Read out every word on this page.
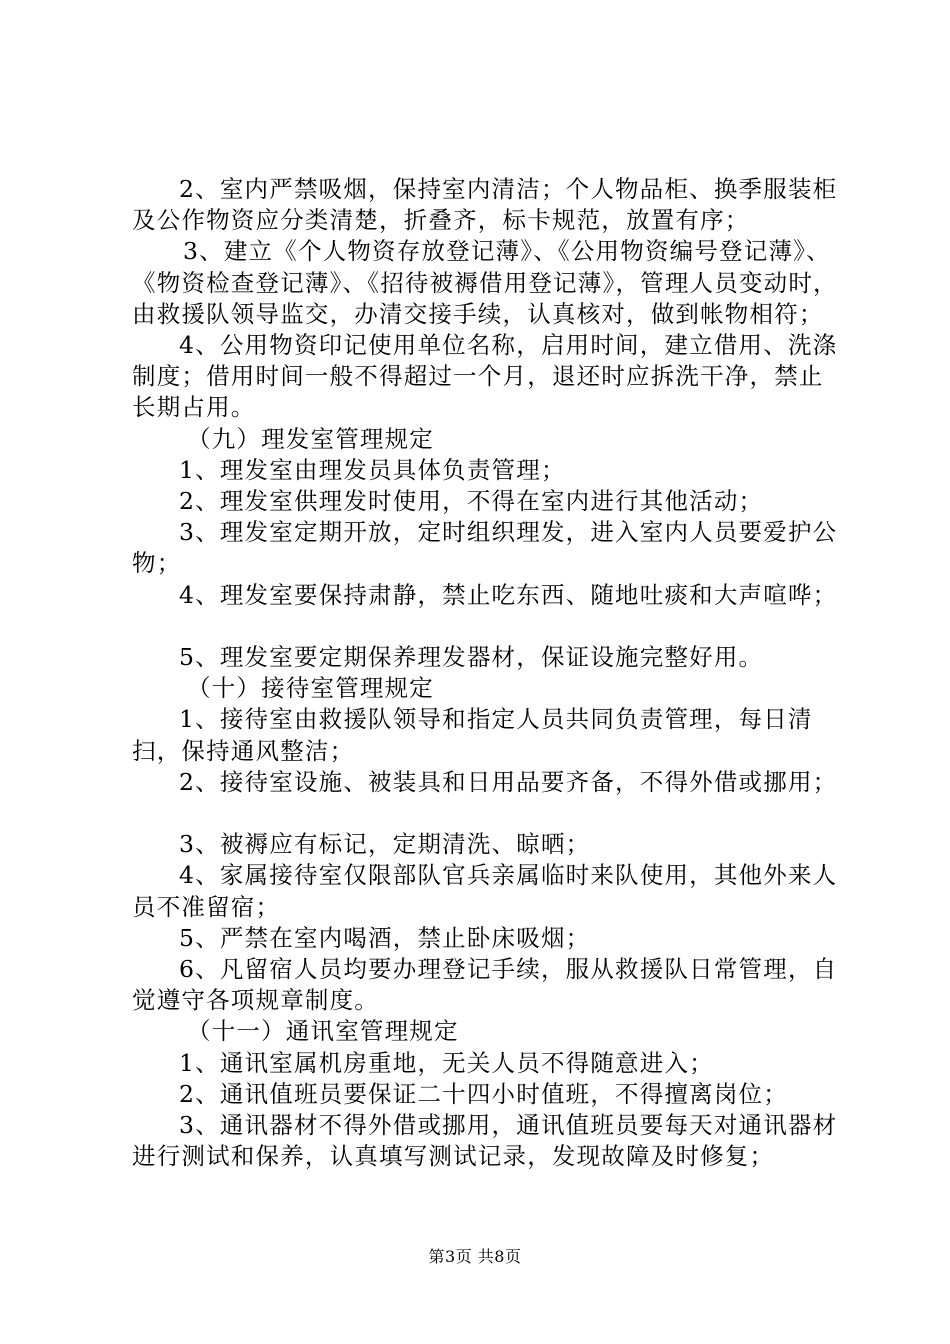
2、室内严禁吸烟，保持室内清洁；个人物品柜、换季服装柜及公作物资应分类清楚，折叠齐，标卡规范，放置有序；

3、建立《个人物资存放登记薄》、《公用物资编号登记薄》、《物资检查登记薄》、《招待被褥借用登记薄》，管理人员变动时，由救援队领导监交，办清交接手续，认真核对，做到帐物相符；

4、公用物资印记使用单位名称，启用时间，建立借用、洗涤制度；借用时间一般不得超过一个月，退还时应拆洗干净，禁止长期占用。

（九）理发室管理规定

1、理发室由理发员具体负责管理；

2、理发室供理发时使用，不得在室内进行其他活动；

3、理发室定期开放，定时组织理发，进入室内人员要爱护公物；

4、理发室要保持肃静，禁止吃东西、随地吐痰和大声喧哗；

5、理发室要定期保养理发器材，保证设施完整好用。

（十）接待室管理规定

1、接待室由救援队领导和指定人员共同负责管理，每日清扫，保持通风整洁；

2、接待室设施、被装具和日用品要齐备，不得外借或挪用；

3、被褥应有标记，定期清洗、晾晒；

4、家属接待室仅限部队官兵亲属临时来队使用，其他外来人员不准留宿；

5、严禁在室内喝酒，禁止卧床吸烟；

6、凡留宿人员均要办理登记手续，服从救援队日常管理，自觉遵守各项规章制度。

（十一）通讯室管理规定

1、通讯室属机房重地，无关人员不得随意进入；

2、通讯值班员要保证二十四小时值班，不得擅离岗位；

3、通讯器材不得外借或挪用，通讯值班员要每天对通讯器材进行测试和保养，认真填写测试记录，发现故障及时修复；

第3页 共8页
